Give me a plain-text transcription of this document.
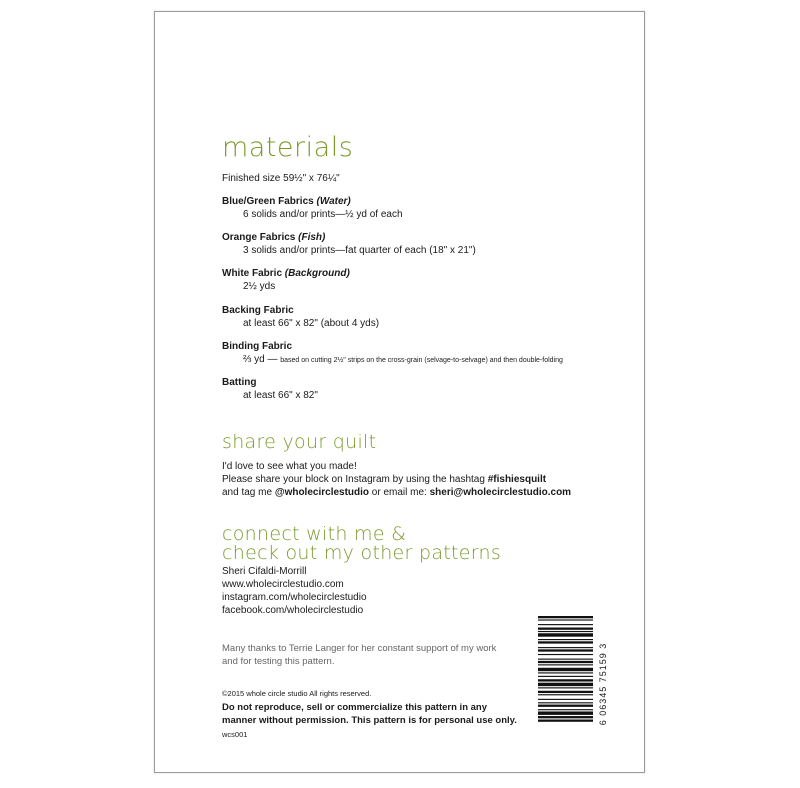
materials
Finished size 59½" x 76¼"
Blue/Green Fabrics (Water)
6 solids and/or prints—½ yd of each
Orange Fabrics (Fish)
3 solids and/or prints—fat quarter of each (18" x 21")
White Fabric (Background)
2½ yds
Backing Fabric
at least 66" x 82" (about 4 yds)
Binding Fabric
⅔ yd — based on cutting 2½" strips on the cross-grain (selvage-to-selvage) and then double-folding
Batting
at least 66" x 82"
share your quilt
I'd love to see what you made!
Please share your block on Instagram by using the hashtag #fishiesquilt
and tag me @wholecirclestudio or email me: sheri@wholecirclestudio.com
connect with me &
check out my other patterns
Sheri Cifaldi-Morrill
www.wholecirclestudio.com
instagram.com/wholecirclestudio
facebook.com/wholecirclestudio
Many thanks to Terrie Langer for her constant support of my work
and for testing this pattern.
©2015 whole circle studio All rights reserved.
Do not reproduce, sell or commercialize this pattern in any
manner without permission. This pattern is for personal use only.
wcs001
6 06345 75159 3
